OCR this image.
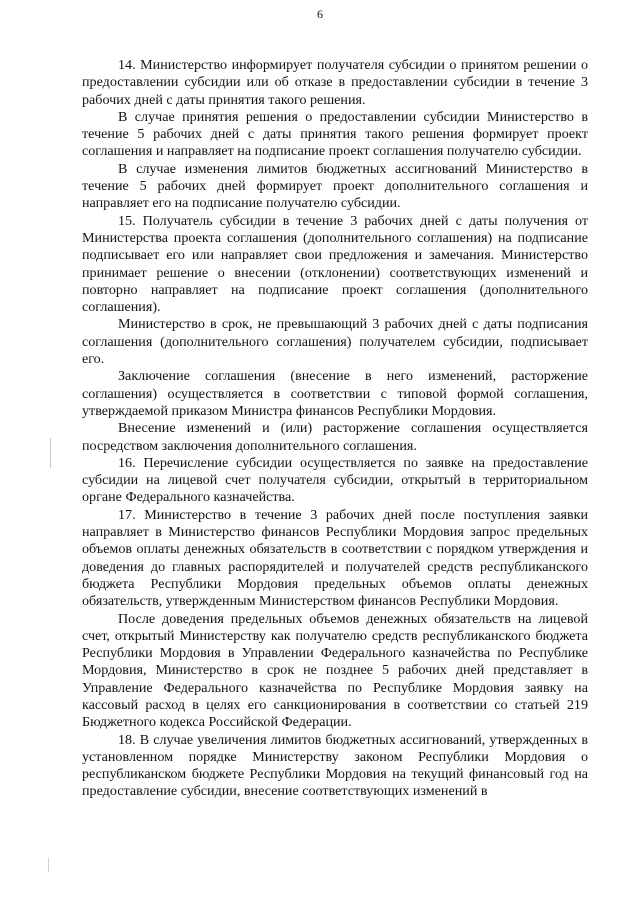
6

14. Министерство информирует получателя субсидии о принятом решении о предоставлении субсидии или об отказе в предоставлении субсидии в течение 3 рабочих дней с даты принятия такого решения.

В случае принятия решения о предоставлении субсидии Министерство в течение 5 рабочих дней с даты принятия такого решения формирует проект соглашения и направляет на подписание проект соглашения получателю субсидии.

В случае изменения лимитов бюджетных ассигнований Министерство в течение 5 рабочих дней формирует проект дополнительного соглашения и направляет его на подписание получателю субсидии.

15. Получатель субсидии в течение 3 рабочих дней с даты получения от Министерства проекта соглашения (дополнительного соглашения) на подписание подписывает его или направляет свои предложения и замечания. Министерство принимает решение о внесении (отклонении) соответствующих изменений и повторно направляет на подписание проект соглашения (дополнительного соглашения).

Министерство в срок, не превышающий 3 рабочих дней с даты подписания соглашения (дополнительного соглашения) получателем субсидии, подписывает его.

Заключение соглашения (внесение в него изменений, расторжение соглашения) осуществляется в соответствии с типовой формой соглашения, утверждаемой приказом Министра финансов Республики Мордовия.

Внесение изменений и (или) расторжение соглашения осуществляется посредством заключения дополнительного соглашения.

16. Перечисление субсидии осуществляется по заявке на предоставление субсидии на лицевой счет получателя субсидии, открытый в территориальном органе Федерального казначейства.

17. Министерство в течение 3 рабочих дней после поступления заявки направляет в Министерство финансов Республики Мордовия запрос предельных объемов оплаты денежных обязательств в соответствии с порядком утверждения и доведения до главных распорядителей и получателей средств республиканского бюджета Республики Мордовия предельных объемов оплаты денежных обязательств, утвержденным Министерством финансов Республики Мордовия.

После доведения предельных объемов денежных обязательств на лицевой счет, открытый Министерству как получателю средств республиканского бюджета Республики Мордовия в Управлении Федерального казначейства по Республике Мордовия, Министерство в срок не позднее 5 рабочих дней представляет в Управление Федерального казначейства по Республике Мордовия заявку на кассовый расход в целях его санкционирования в соответствии со статьей 219 Бюджетного кодекса Российской Федерации.

18. В случае увеличения лимитов бюджетных ассигнований, утвержденных в установленном порядке Министерству законом Республики Мордовия о республиканском бюджете Республики Мордовия на текущий финансовый год на предоставление субсидии, внесение соответствующих изменений в
